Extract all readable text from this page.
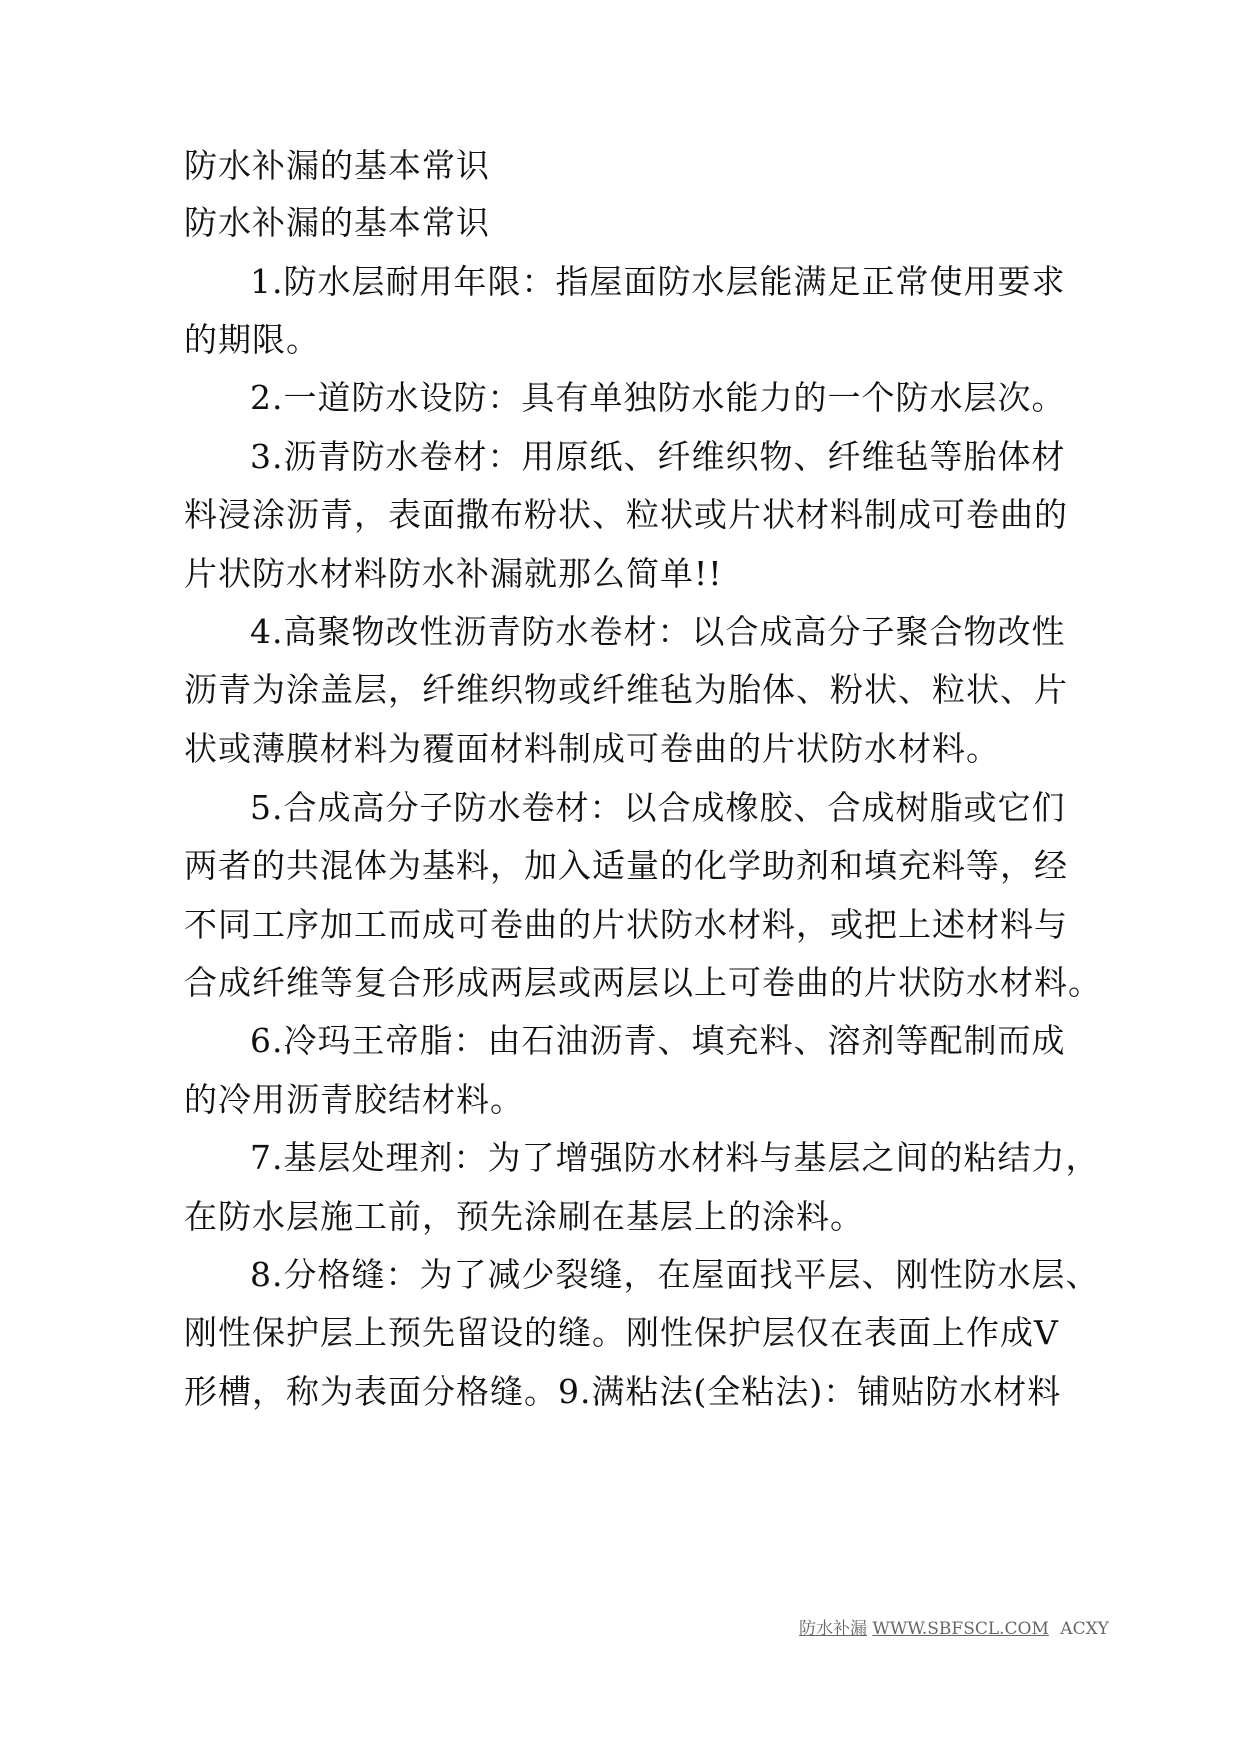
防水补漏的基本常识
防水补漏的基本常识
1.防水层耐用年限：指屋面防水层能满足正常使用要求
的期限。
2.一道防水设防：具有单独防水能力的一个防水层次。
3.沥青防水卷材：用原纸、纤维织物、纤维毡等胎体材
料浸涂沥青，表面撒布粉状、粒状或片状材料制成可卷曲的
片状防水材料防水补漏就那么简单!!
4.高聚物改性沥青防水卷材：以合成高分子聚合物改性
沥青为涂盖层，纤维织物或纤维毡为胎体、粉状、粒状、片
状或薄膜材料为覆面材料制成可卷曲的片状防水材料。
5.合成高分子防水卷材：以合成橡胶、合成树脂或它们
两者的共混体为基料，加入适量的化学助剂和填充料等，经
不同工序加工而成可卷曲的片状防水材料，或把上述材料与
合成纤维等复合形成两层或两层以上可卷曲的片状防水材料。
6.冷玛王帝脂：由石油沥青、填充料、溶剂等配制而成
的冷用沥青胶结材料。
7.基层处理剂：为了增强防水材料与基层之间的粘结力，
在防水层施工前，预先涂刷在基层上的涂料。
8.分格缝：为了减少裂缝，在屋面找平层、刚性防水层、
刚性保护层上预先留设的缝。刚性保护层仅在表面上作成V
形槽，称为表面分格缝。9.满粘法(全粘法)：铺贴防水材料
防水补漏 WWW.SBFSCL.COM ACXY
